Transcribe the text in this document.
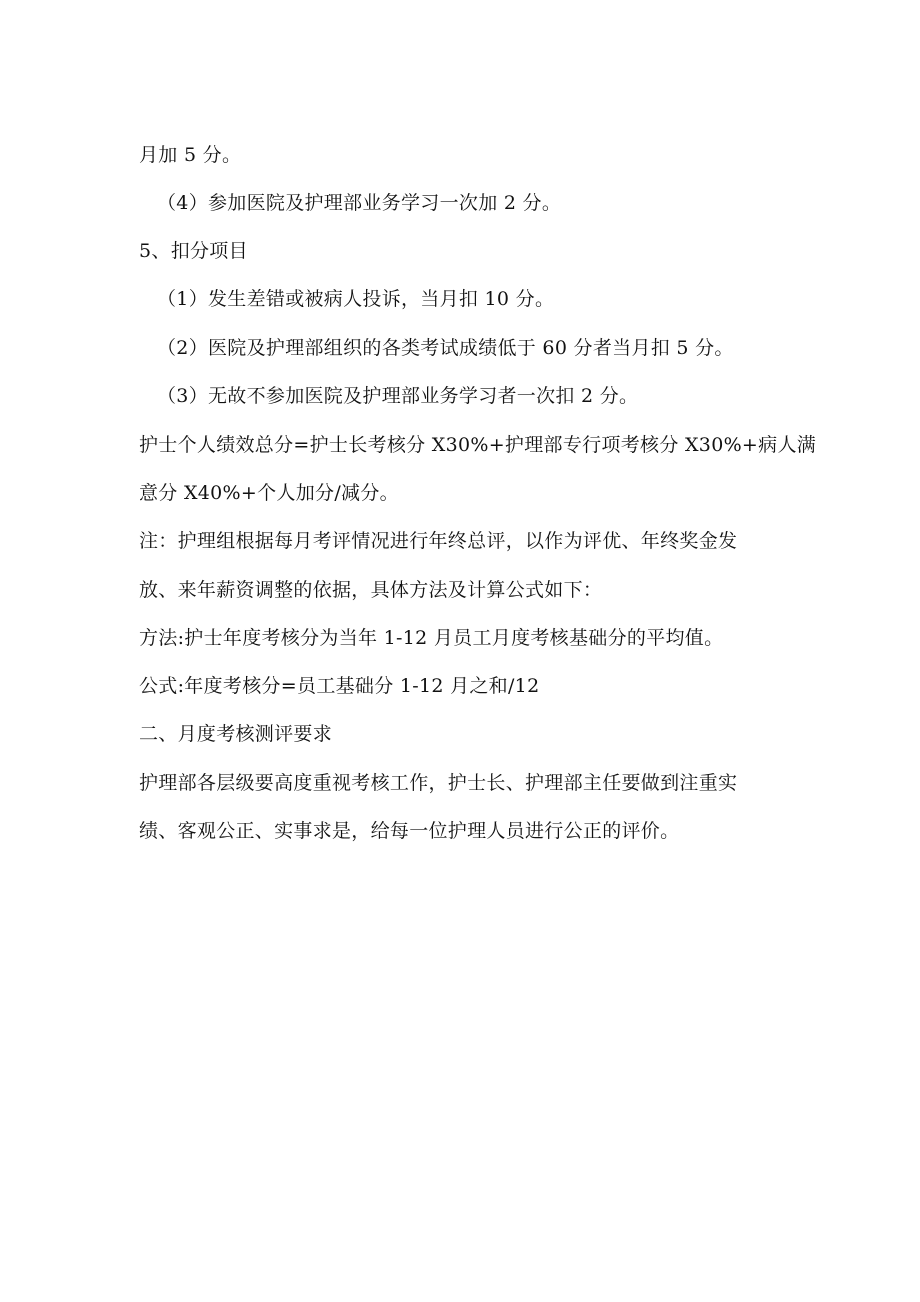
月加 5 分。
（4）参加医院及护理部业务学习一次加 2 分。
5、扣分项目
（1）发生差错或被病人投诉，当月扣 10 分。
（2）医院及护理部组织的各类考试成绩低于 60 分者当月扣 5 分。
（3）无故不参加医院及护理部业务学习者一次扣 2 分。
护士个人绩效总分=护士长考核分 X30%+护理部专行项考核分 X30%+病人满
意分 X40%+个人加分/减分。
注：护理组根据每月考评情况进行年终总评，以作为评优、年终奖金发
放、来年薪资调整的依据，具体方法及计算公式如下：
方法:护士年度考核分为当年 1-12 月员工月度考核基础分的平均值。
公式:年度考核分=员工基础分 1-12 月之和/12
二、月度考核测评要求
护理部各层级要高度重视考核工作，护士长、护理部主任要做到注重实
绩、客观公正、实事求是，给每一位护理人员进行公正的评价。
